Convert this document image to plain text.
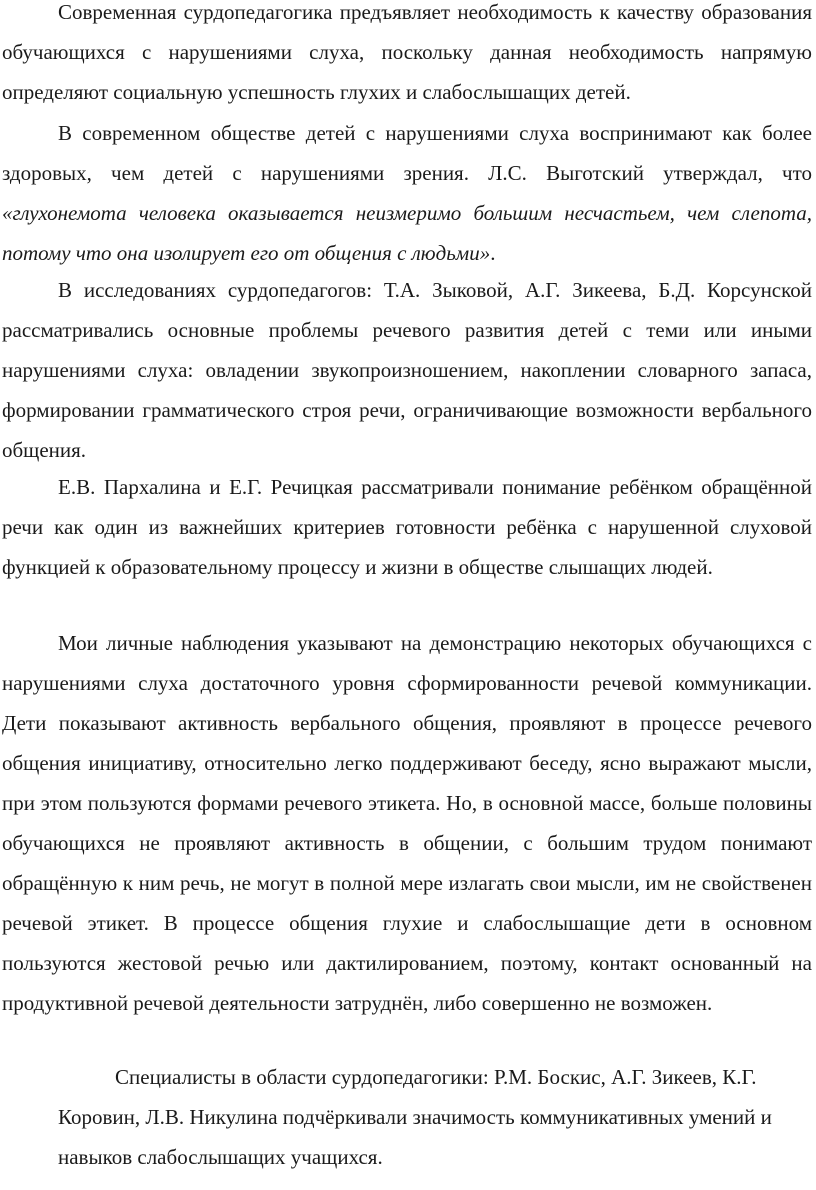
Современная сурдопедагогика предъявляет необходимость к качеству образования обучающихся с нарушениями слуха, поскольку данная необходимость напрямую определяют социальную успешность глухих и слабослышащих детей.

В современном обществе детей с нарушениями слуха воспринимают как более здоровых, чем детей с нарушениями зрения. Л.С. Выготский утверждал, что «глухонемота человека оказывается неизмеримо большим несчастьем, чем слепота, потому что она изолирует его от общения с людьми».

В исследованиях сурдопедагогов: Т.А. Зыковой, А.Г. Зикеева, Б.Д. Корсунской рассматривались основные проблемы речевого развития детей с теми или иными нарушениями слуха: овладении звукопроизношением, накоплении словарного запаса, формировании грамматического строя речи, ограничивающие возможности вербального общения.

Е.В. Пархалина и Е.Г. Речицкая рассматривали понимание ребёнком обращённой речи как один из важнейших критериев готовности ребёнка с нарушенной слуховой функцией к образовательному процессу и жизни в обществе слышащих людей.

Мои личные наблюдения указывают на демонстрацию некоторых обучающихся с нарушениями слуха достаточного уровня сформированности речевой коммуникации. Дети показывают активность вербального общения, проявляют в процессе речевого общения инициативу, относительно легко поддерживают беседу, ясно выражают мысли, при этом пользуются формами речевого этикета. Но, в основной массе, больше половины обучающихся не проявляют активность в общении, с большим трудом понимают обращённую к ним речь, не могут в полной мере излагать свои мысли, им не свойственен речевой этикет. В процессе общения глухие и слабослышащие дети в основном пользуются жестовой речью или дактилированием, поэтому, контакт основанный на продуктивной речевой деятельности затруднён, либо совершенно не возможен.

Специалисты в области сурдопедагогики: Р.М. Боскис, А.Г. Зикеев, К.Г. Коровин, Л.В. Никулина подчёркивали значимость коммуникативных умений и навыков слабослышащих учащихся.
